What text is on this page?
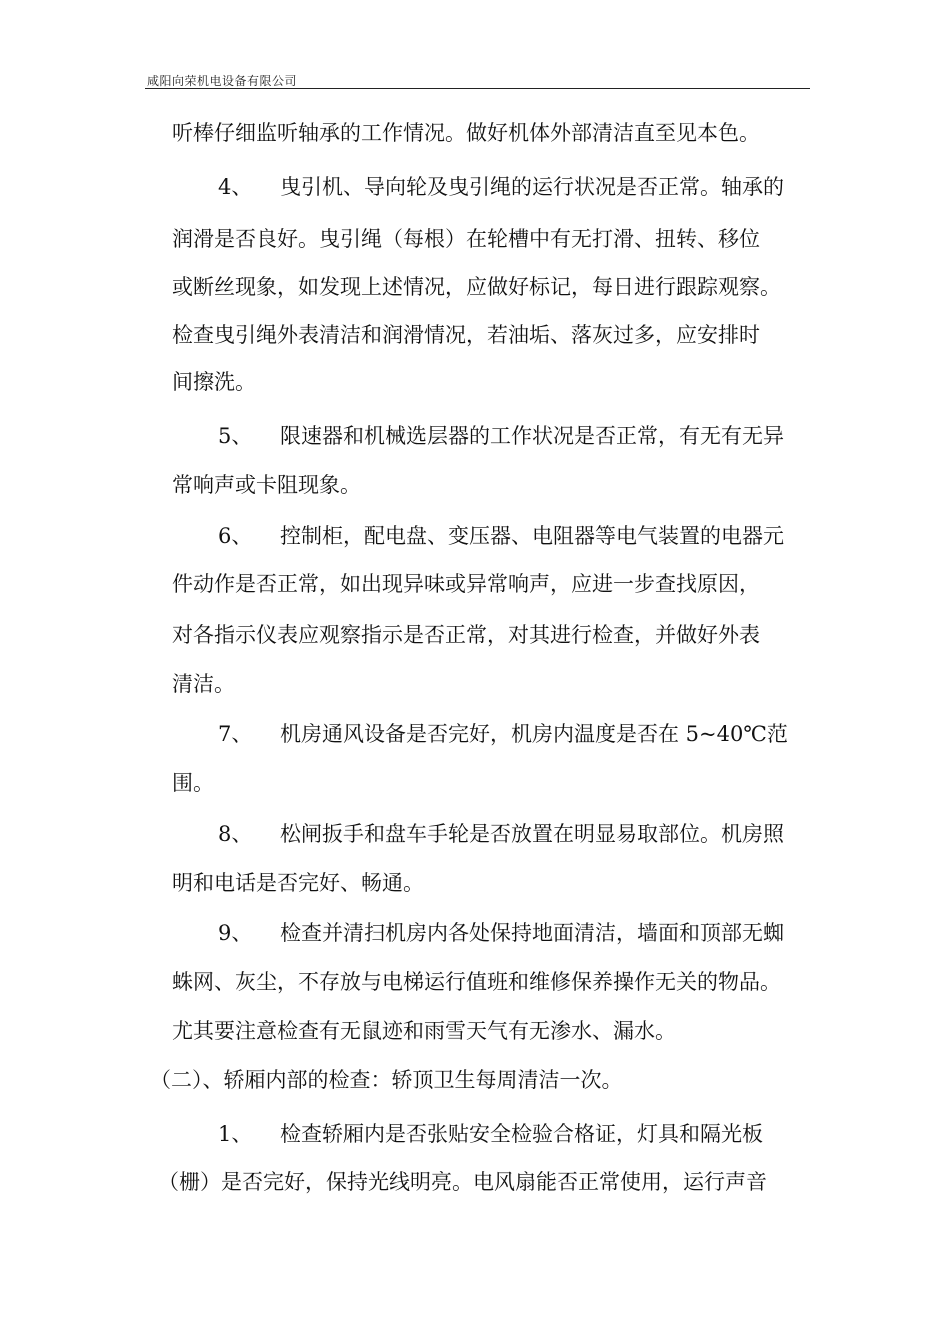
咸阳向荣机电设备有限公司
听棒仔细监听轴承的工作情况。做好机体外部清洁直至见本色。
4、 曳引机、导向轮及曳引绳的运行状况是否正常。轴承的
润滑是否良好。曳引绳（每根）在轮槽中有无打滑、扭转、移位
或断丝现象，如发现上述情况，应做好标记，每日进行跟踪观察。
检查曳引绳外表清洁和润滑情况，若油垢、落灰过多，应安排时
间擦洗。
5、 限速器和机械选层器的工作状况是否正常，有无有无异
常响声或卡阻现象。
6、 控制柜，配电盘、变压器、电阻器等电气装置的电器元
件动作是否正常，如出现异味或异常响声，应进一步查找原因，
对各指示仪表应观察指示是否正常，对其进行检查，并做好外表
清洁。
7、 机房通风设备是否完好，机房内温度是否在 5~40℃范
围。
8、 松闸扳手和盘车手轮是否放置在明显易取部位。机房照
明和电话是否完好、畅通。
9、 检查并清扫机房内各处保持地面清洁，墙面和顶部无蜘
蛛网、灰尘，不存放与电梯运行值班和维修保养操作无关的物品。
尤其要注意检查有无鼠迹和雨雪天气有无渗水、漏水。
（二）、轿厢内部的检查：轿顶卫生每周清洁一次。
1、 检查轿厢内是否张贴安全检验合格证，灯具和隔光板
（栅）是否完好，保持光线明亮。电风扇能否正常使用，运行声音
